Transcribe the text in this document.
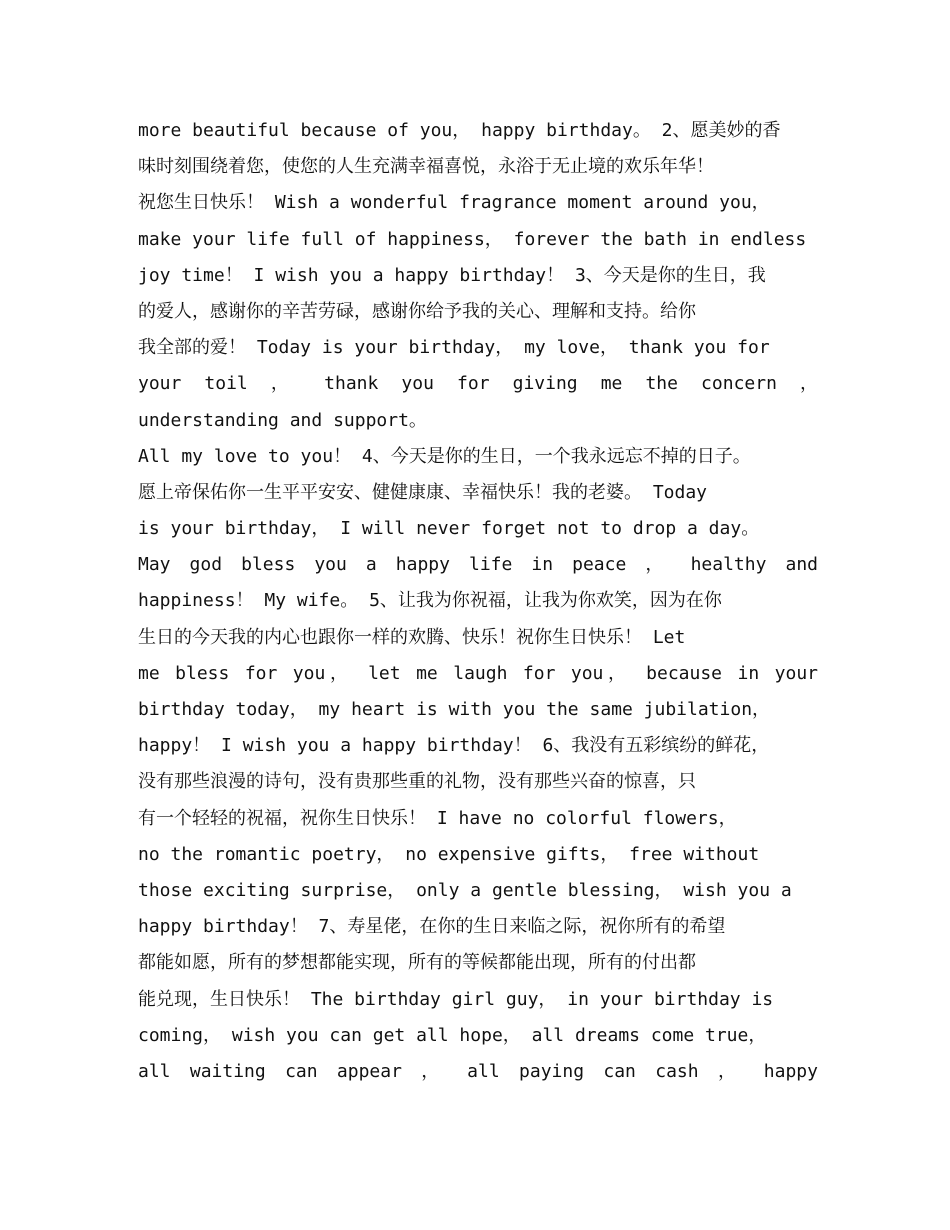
more beautiful because of you， happy birthday。 2、愿美妙的香
味时刻围绕着您，使您的人生充满幸福喜悦，永浴于无止境的欢乐年华！
祝您生日快乐！ Wish a wonderful fragrance moment around you，
make your life full of happiness， forever the bath in endless
joy time！ I wish you a happy birthday！ 3、今天是你的生日，我
的爱人，感谢你的辛苦劳碌，感谢你给予我的关心、理解和支持。给你
我全部的爱！ Today is your birthday， my love， thank you for
your toil ， thank you for giving me the concern ，
understanding and support。
All my love to you！ 4、今天是你的生日，一个我永远忘不掉的日子。
愿上帝保佑你一生平平安安、健健康康、幸福快乐！我的老婆。 Today
is your birthday， I will never forget not to drop a day。
May god bless you a happy life in peace ， healthy and
happiness！ My wife。 5、让我为你祝福，让我为你欢笑，因为在你
生日的今天我的内心也跟你一样的欢腾、快乐！祝你生日快乐！ Let
me bless for you， let me laugh for you， because in your
birthday today， my heart is with you the same jubilation，
happy！ I wish you a happy birthday！ 6、我没有五彩缤纷的鲜花，
没有那些浪漫的诗句，没有贵那些重的礼物，没有那些兴奋的惊喜，只
有一个轻轻的祝福，祝你生日快乐！ I have no colorful flowers，
no the romantic poetry， no expensive gifts， free without
those exciting surprise， only a gentle blessing， wish you a
happy birthday！ 7、寿星佬，在你的生日来临之际，祝你所有的希望
都能如愿，所有的梦想都能实现，所有的等候都能出现，所有的付出都
能兑现，生日快乐！ The birthday girl guy， in your birthday is
coming， wish you can get all hope， all dreams come true，
all waiting can appear ， all paying can cash ， happy
